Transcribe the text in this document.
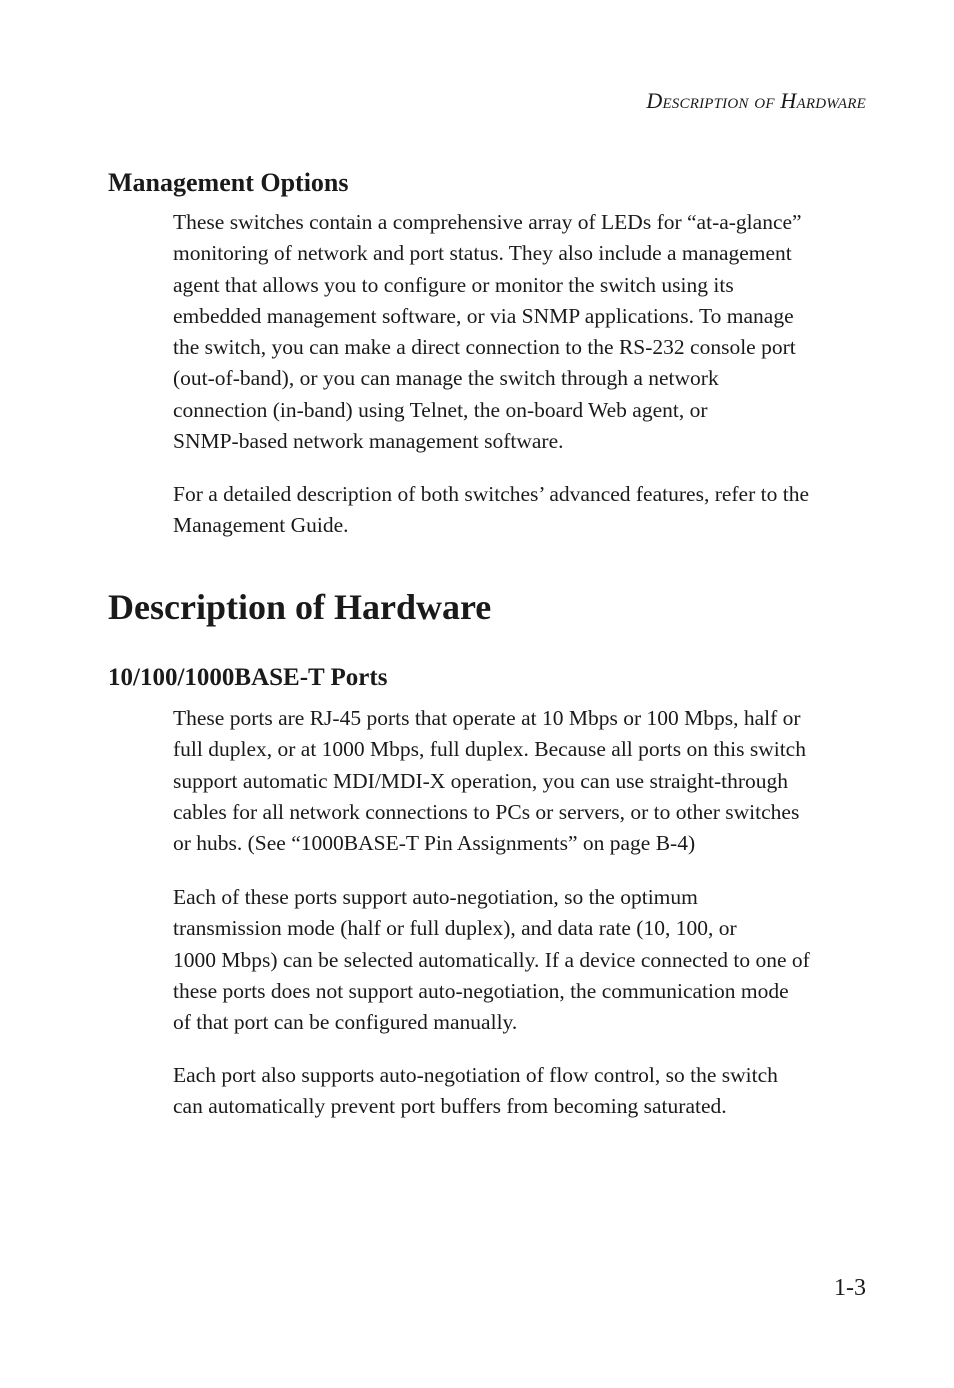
Description of Hardware
Management Options

These switches contain a comprehensive array of LEDs for “at-a-glance”
monitoring of network and port status. They also include a management
agent that allows you to configure or monitor the switch using its
embedded management software, or via SNMP applications. To manage
the switch, you can make a direct connection to the RS-232 console port
(out-of-band), or you can manage the switch through a network
connection (in-band) using Telnet, the on-board Web agent, or
SNMP-based network management software.

For a detailed description of both switches’ advanced features, refer to the
Management Guide.

Description of Hardware
10/100/1000BASE-T Ports

These ports are RJ-45 ports that operate at 10 Mbps or 100 Mbps, half or
full duplex, or at 1000 Mbps, full duplex. Because all ports on this switch
support automatic MDI/MDI-X operation, you can use straight-through
cables for all network connections to PCs or servers, or to other switches
or hubs. (See “1000BASE-T Pin Assignments” on page B-4)

Each of these ports support auto-negotiation, so the optimum
transmission mode (half or full duplex), and data rate (10, 100, or
1000 Mbps) can be selected automatically. If a device connected to one of
these ports does not support auto-negotiation, the communication mode
of that port can be configured manually.

Each port also supports auto-negotiation of flow control, so the switch
can automatically prevent port buffers from becoming saturated.

1-3
